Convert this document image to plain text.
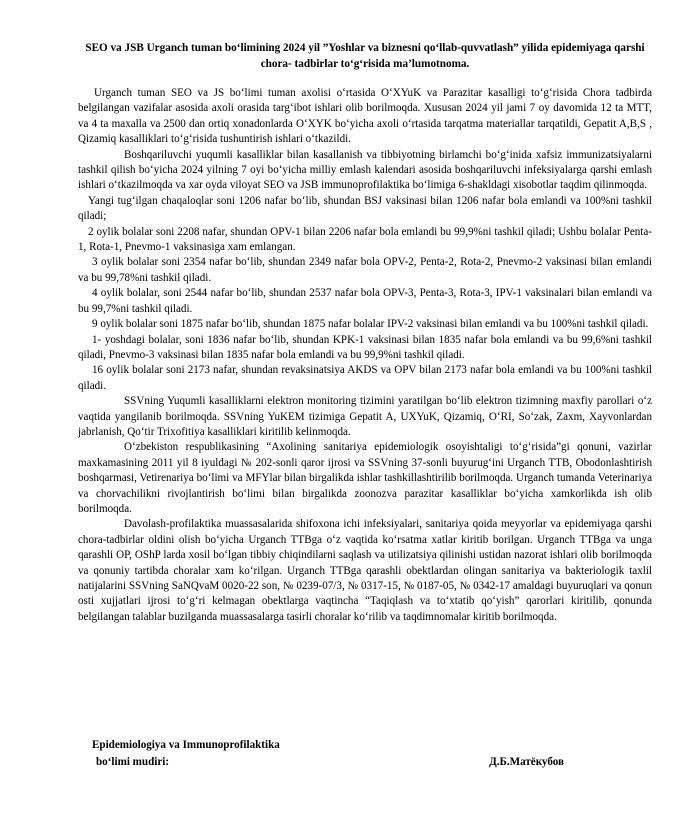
SEO va JSB Urganch tuman bo‘limining 2024 yil ”Yoshlar va biznesni qo‘llab-quvvatlash” yilida epidemiyaga qarshi chora- tadbirlar to‘g‘risida ma’lumotnoma.

Urganch tuman SEO va JS bo‘limi tuman axolisi o‘rtasida O‘XYuK va Parazitar kasalligi to‘g‘risida Chora tadbirda belgilangan vazifalar asosida axoli orasida targ‘ibot ishlari olib borilmoqda. Xususan 2024 yil jami 7 oy davomida 12 ta MTT, va 4 ta maxalla va 2500 dan ortiq xonadonlarda O‘XYK bo‘yicha axoli o‘rtasida tarqatma materiallar tarqatildi, Gepatit A,B,S , Qizamiq kasalliklari to‘g‘risida tushuntirish ishlari o‘tkazildi.

Boshqariluvchi yuqumli kasalliklar bilan kasallanish va tibbiyotning birlamchi bo‘g‘inida xafsiz immunizatsiyalarni tashkil qilish bo‘yicha 2024 yilning 7 oyi bo‘yicha milliy emlash kalendari asosida boshqariluvchi infeksiyalarga qarshi emlash ishlari o‘tkazilmoqda va xar oyda viloyat SEO va JSB immunoprofilaktika bo‘limiga 6-shakldagi xisobotlar taqdim qilinmoqda.

Yangi tug‘ilgan chaqaloqlar soni 1206 nafar bo‘lib, shundan BSJ vaksinasi bilan 1206 nafar bola emlandi va 100%ni tashkil qiladi;

2 oylik bolalar soni 2208 nafar, shundan OPV-1 bilan 2206 nafar bola emlandi bu 99,9%ni tashkil qiladi; Ushbu bolalar Penta-1, Rota-1, Pnevmo-1 vaksinasiga xam emlangan.

3 oylik bolalar soni 2354 nafar bo‘lib, shundan 2349 nafar bola OPV-2, Penta-2, Rota-2, Pnevmo-2 vaksinasi bilan emlandi va bu 99,78%ni tashkil qiladi.

4 oylik bolalar, soni 2544 nafar bo‘lib, shundan 2537 nafar bola OPV-3, Penta-3, Rota-3, IPV-1 vaksinalari bilan emlandi va bu 99,7%ni tashkil qiladi.

9 oylik bolalar soni 1875 nafar bo‘lib, shundan 1875 nafar bolalar IPV-2 vaksinasi bilan emlandi va bu 100%ni tashkil qiladi.

1- yoshdagi bolalar, soni 1836 nafar bo‘lib, shundan KPK-1 vaksinasi bilan 1835 nafar bola emlandi va bu 99,6%ni tashkil qiladi, Pnevmo-3 vaksinasi bilan 1835 nafar bola emlandi va bu 99,9%ni tashkil qiladi.

16 oylik bolalar soni 2173 nafar, shundan revaksinatsiya AKDS va OPV bilan 2173 nafar bola emlandi va bu 100%ni tashkil qiladi.

SSVning Yuqumli kasalliklarni elektron monitoring tizimini yaratilgan bo‘lib elektron tizimning maxfiy parollari o‘z vaqtida yangilanib borilmoqda. SSVning YuKEM tizimiga Gepatit A, UXYuK, Qizamiq, O‘RI, So‘zak, Zaxm, Xayvonlardan jabrlanish, Qo‘tir Trixofitiya kasalliklari kiritilib kelinmoqda.

O‘zbekiston respublikasining “Axolining sanitariya epidemiologik osoyishtaligi to‘g‘risida”gi qonuni, vazirlar maxkamasining 2011 yil 8 iyuldagi № 202-sonli qaror ijrosi va SSVning 37-sonli buyurug‘ini Urganch TTB, Obodonlashtirish boshqarmasi, Vetirenariya bo‘limi va MFYlar bilan birgalikda ishlar tashkillashtirilib borilmoqda. Urganch tumanda Veterinariya va chorvachilikni rivojlantirish bo‘limi bilan birgalikda zoonozva parazitar kasalliklar bo‘yicha xamkorlikda ish olib borilmoqda.

Davolash-profilaktika muassasalarida shifoxona ichi infeksiyalari, sanitariya qoida meyyorlar va epidemiyaga qarshi chora-tadbirlar oldini olish bo‘yicha Urganch TTBga o‘z vaqtida ko‘rsatma xatlar kiritib borilgan. Urganch TTBga va unga qarashli OP, OShP larda xosil bo‘lgan tibbiy chiqindilarni saqlash va utilizatsiya qilinishi ustidan nazorat ishlari olib borilmoqda va qonuniy tartibda choralar xam ko‘rilgan. Urganch TTBga qarashli obektlardan olingan sanitariya va bakteriologik taxlil natijalarini SSVning SaNQvaM 0020-22 son, № 0239-07/3, № 0317-15, № 0187-05, № 0342-17 amaldagi buyuruqlari va qonun osti xujjatlari ijrosi to‘g‘ri kelmagan obektlarga vaqtincha “Taqiqlash va to‘xtatib qo‘yish” qarorlari kiritilib, qonunda belgilangan talablar buzilganda muassasalarga tasirli choralar ko‘rilib va taqdimnomalar kiritib borilmoqda.

Epidemiologiya va Immunoprofilaktika
bo‘limi mudiri:	Д.Б.Матёкубов
